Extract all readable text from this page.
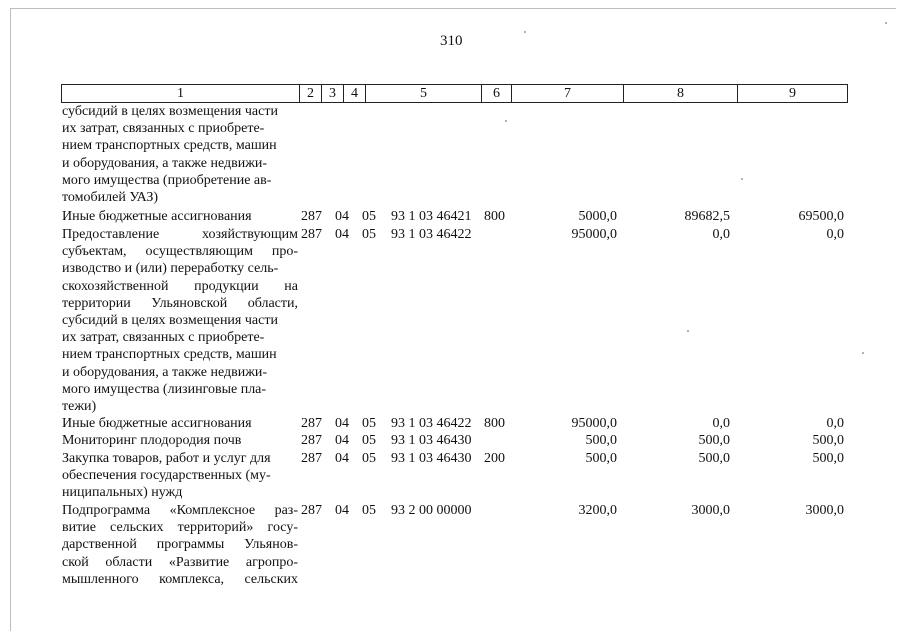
310
1	2	3	4	5	6	7	8	9
субсидий в целях возмещения части
их затрат, связанных с приобрете-
нием транспортных средств, машин
и оборудования, а также недвижи-
мого имущества (приобретение ав-
томобилей УАЗ)
Иные бюджетные ассигнования	287 04 05	93 1 03 46421 800	5000,0	89682,5	69500,0
Предоставление хозяйствующим
субъектам, осуществляющим про-
изводство и (или) переработку сель-
скохозяйственной продукции на
территории Ульяновской области,
субсидий в целях возмещения части
их затрат, связанных с приобрете-
нием транспортных средств, машин
и оборудования, а также недвижи-
мого имущества (лизинговые пла-
тежи)
287 04 05	93 1 03 46422	95000,0	0,0	0,0
Иные бюджетные ассигнования	287 04 05	93 1 03 46422 800	95000,0	0,0	0,0
Мониторинг плодородия почв	287 04 05	93 1 03 46430	500,0	500,0	500,0
Закупка товаров, работ и услуг для
обеспечения государственных (му-
ниципальных) нужд
287 04 05	93 1 03 46430 200	500,0	500,0	500,0
Подпрограмма «Комплексное раз-
витие сельских территорий» госу-
дарственной программы Ульянов-
ской области «Развитие агропро-
мышленного комплекса, сельских
287 04 05	93 2 00 00000	3200,0	3000,0	3000,0
